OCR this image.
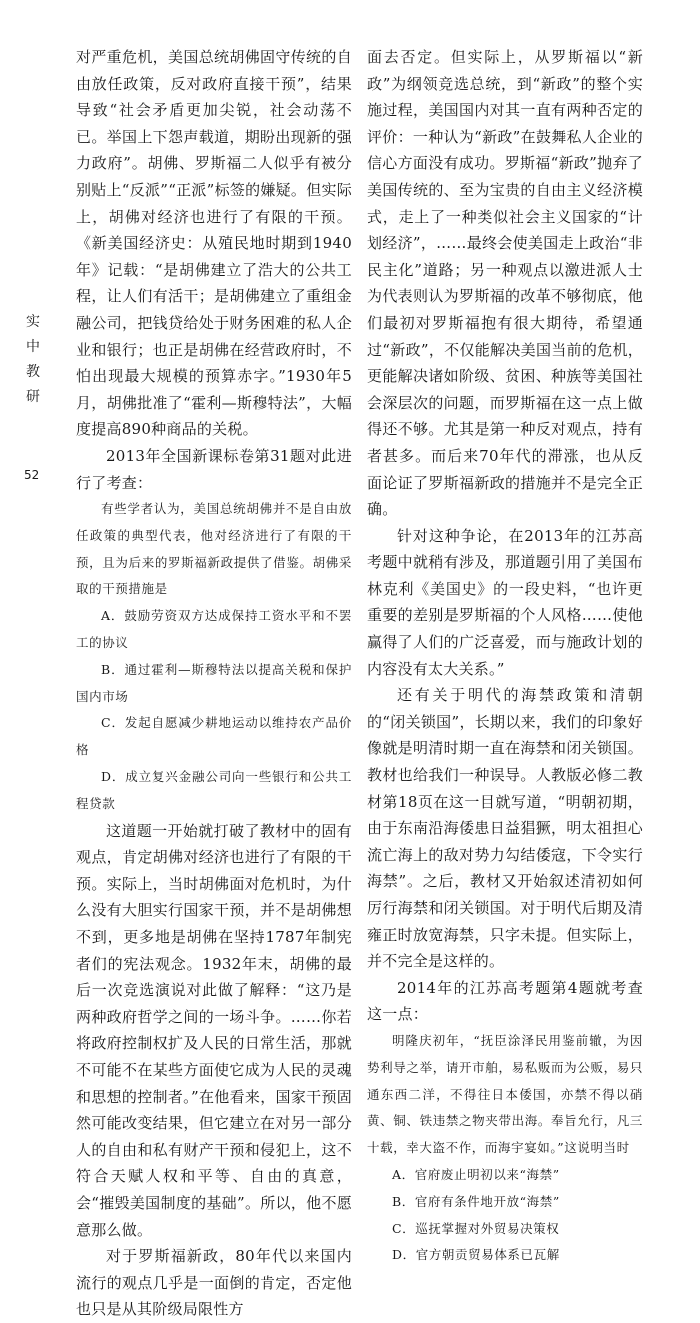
实
中
教
研
52

对严重危机，美国总统胡佛固守传统的自由放任政策，反对政府直接干预”，结果导致“社会矛盾更加尖锐，社会动荡不已。举国上下怨声载道，期盼出现新的强力政府”。胡佛、罗斯福二人似乎有被分别贴上“反派”“正派”标签的嫌疑。但实际上，胡佛对经济也进行了有限的干预。《新美国经济史：从殖民地时期到1940年》记载：“是胡佛建立了浩大的公共工程，让人们有活干；是胡佛建立了重组金融公司，把钱贷给处于财务困难的私人企业和银行；也正是胡佛在经营政府时，不怕出现最大规模的预算赤字。”1930年5月，胡佛批准了“霍利—斯穆特法”，大幅度提高890种商品的关税。

2013年全国新课标卷第31题对此进行了考查：

有些学者认为，美国总统胡佛并不是自由放任政策的典型代表，他对经济进行了有限的干预，且为后来的罗斯福新政提供了借鉴。胡佛采取的干预措施是

A．鼓励劳资双方达成保持工资水平和不罢工的协议

B．通过霍利—斯穆特法以提高关税和保护国内市场

C．发起自愿减少耕地运动以维持农产品价格

D．成立复兴金融公司向一些银行和公共工程贷款

这道题一开始就打破了教材中的固有观点，肯定胡佛对经济也进行了有限的干预。实际上，当时胡佛面对危机时，为什么没有大胆实行国家干预，并不是胡佛想不到，更多地是胡佛在坚持1787年制宪者们的宪法观念。1932年末，胡佛的最后一次竞选演说对此做了解释：“这乃是两种政府哲学之间的一场斗争。……你若将政府控制权扩及人民的日常生活，那就不可能不在某些方面使它成为人民的灵魂和思想的控制者。”在他看来，国家干预固然可能改变结果，但它建立在对另一部分人的自由和私有财产干预和侵犯上，这不符合天赋人权和平等、自由的真意，会“摧毁美国制度的基础”。所以，他不愿意那么做。

对于罗斯福新政，80年代以来国内流行的观点几乎是一面倒的肯定，否定他也只是从其阶级局限性方

面去否定。但实际上，从罗斯福以“新政”为纲领竞选总统，到“新政”的整个实施过程，美国国内对其一直有两种否定的评价：一种认为“新政”在鼓舞私人企业的信心方面没有成功。罗斯福“新政”抛弃了美国传统的、至为宝贵的自由主义经济模式，走上了一种类似社会主义国家的“计划经济”，……最终会使美国走上政治“非民主化”道路；另一种观点以激进派人士为代表则认为罗斯福的改革不够彻底，他们最初对罗斯福抱有很大期待，希望通过“新政”，不仅能解决美国当前的危机，更能解决诸如阶级、贫困、种族等美国社会深层次的问题，而罗斯福在这一点上做得还不够。尤其是第一种反对观点，持有者甚多。而后来70年代的滞涨，也从反面论证了罗斯福新政的措施并不是完全正确。

针对这种争论，在2013年的江苏高考题中就稍有涉及，那道题引用了美国布林克利《美国史》的一段史料，“也许更重要的差别是罗斯福的个人风格……使他赢得了人们的广泛喜爱，而与施政计划的内容没有太大关系。”

还有关于明代的海禁政策和清朝的“闭关锁国”，长期以来，我们的印象好像就是明清时期一直在海禁和闭关锁国。教材也给我们一种误导。人教版必修二教材第18页在这一目就写道，“明朝初期，由于东南沿海倭患日益猖獗，明太祖担心流亡海上的敌对势力勾结倭寇，下令实行海禁”。之后，教材又开始叙述清初如何厉行海禁和闭关锁国。对于明代后期及清雍正时放宽海禁，只字未提。但实际上，并不完全是这样的。

2014年的江苏高考题第4题就考查这一点：

明隆庆初年，“抚臣涂泽民用鉴前辙，为因势利导之举，请开市舶，易私贩而为公贩，易只通东西二洋，不得往日本倭国，亦禁不得以硝黄、铜、铁违禁之物夹带出海。奉旨允行，凡三十载，幸大盗不作，而海宇宴如。”这说明当时

A．官府废止明初以来“海禁”

B．官府有条件地开放“海禁”

C．巡抚掌握对外贸易决策权

D．官方朝贡贸易体系已瓦解
